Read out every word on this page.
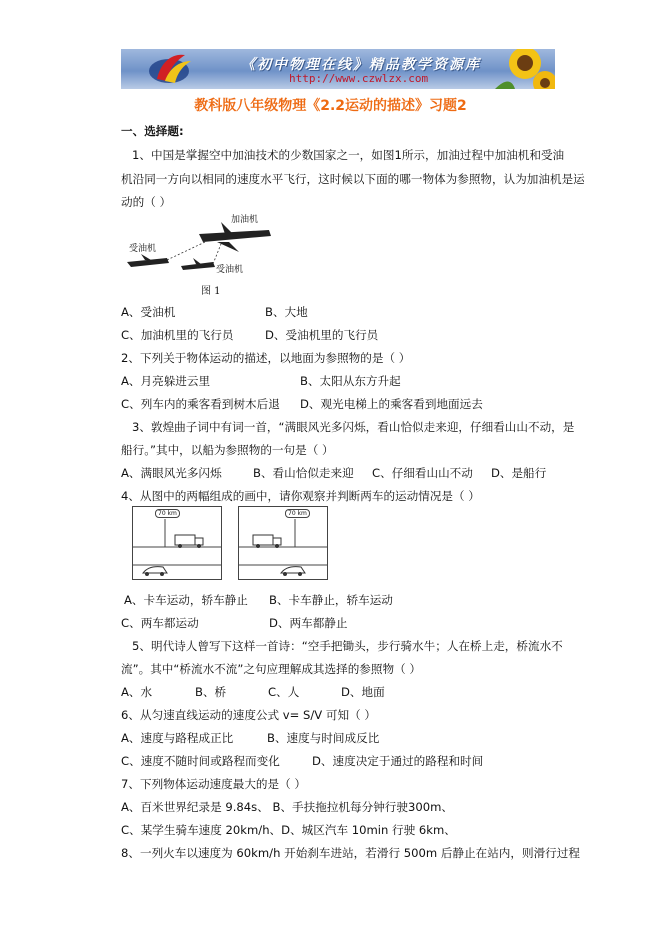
《初中物理在线》精品教学资源库
http://www.czwlzx.com
教科版八年级物理《2.2运动的描述》习题2
一、选择题:
1、中国是掌握空中加油技术的少数国家之一，如图1所示，加油过程中加油机和受油
机沿同一方向以相同的速度水平飞行，这时候以下面的哪一物体为参照物，认为加油机是运
动的（ ）
加油机
受油机
受油机
图 1
A、受油机	B、大地
C、加油机里的飞行员	D、受油机里的飞行员
2、下列关于物体运动的描述，以地面为参照物的是（ ）
A、月亮躲进云里	B、太阳从东方升起
C、列车内的乘客看到树木后退 D、观光电梯上的乘客看到地面远去
3、敦煌曲子词中有词一首，“满眼风光多闪烁，看山恰似走来迎，仔细看山山不动，是
船行。”其中，以船为参照物的一句是（ ）
A、满眼风光多闪烁	B、看山恰似走来迎 C、仔细看山山不动 D、是船行
4、从图中的两幅组成的画中，请你观察并判断两车的运动情况是（ ）
70 km	70 km
A、卡车运动，轿车静止 B、卡车静止，轿车运动
C、两车都运动	D、两车都静止
5、明代诗人曾写下这样一首诗：“空手把锄头，步行骑水牛；人在桥上走，桥流水不
流”。其中“桥流水不流”之句应理解成其选择的参照物（ ）
A、水	B、桥	C、人	D、地面
6、从匀速直线运动的速度公式 v= S/V 可知（ ）
A、速度与路程成正比	B、速度与时间成反比
C、速度不随时间或路程而变化	D、速度决定于通过的路程和时间
7、下列物体运动速度最大的是（ ）
A、百米世界纪录是 9.84s、 B、手扶拖拉机每分钟行驶300m、
C、某学生骑车速度 20km/h、D、城区汽车 10min 行驶 6km、
8、一列火车以速度为 60km/h 开始刹车进站，若滑行 500m 后静止在站内，则滑行过程
